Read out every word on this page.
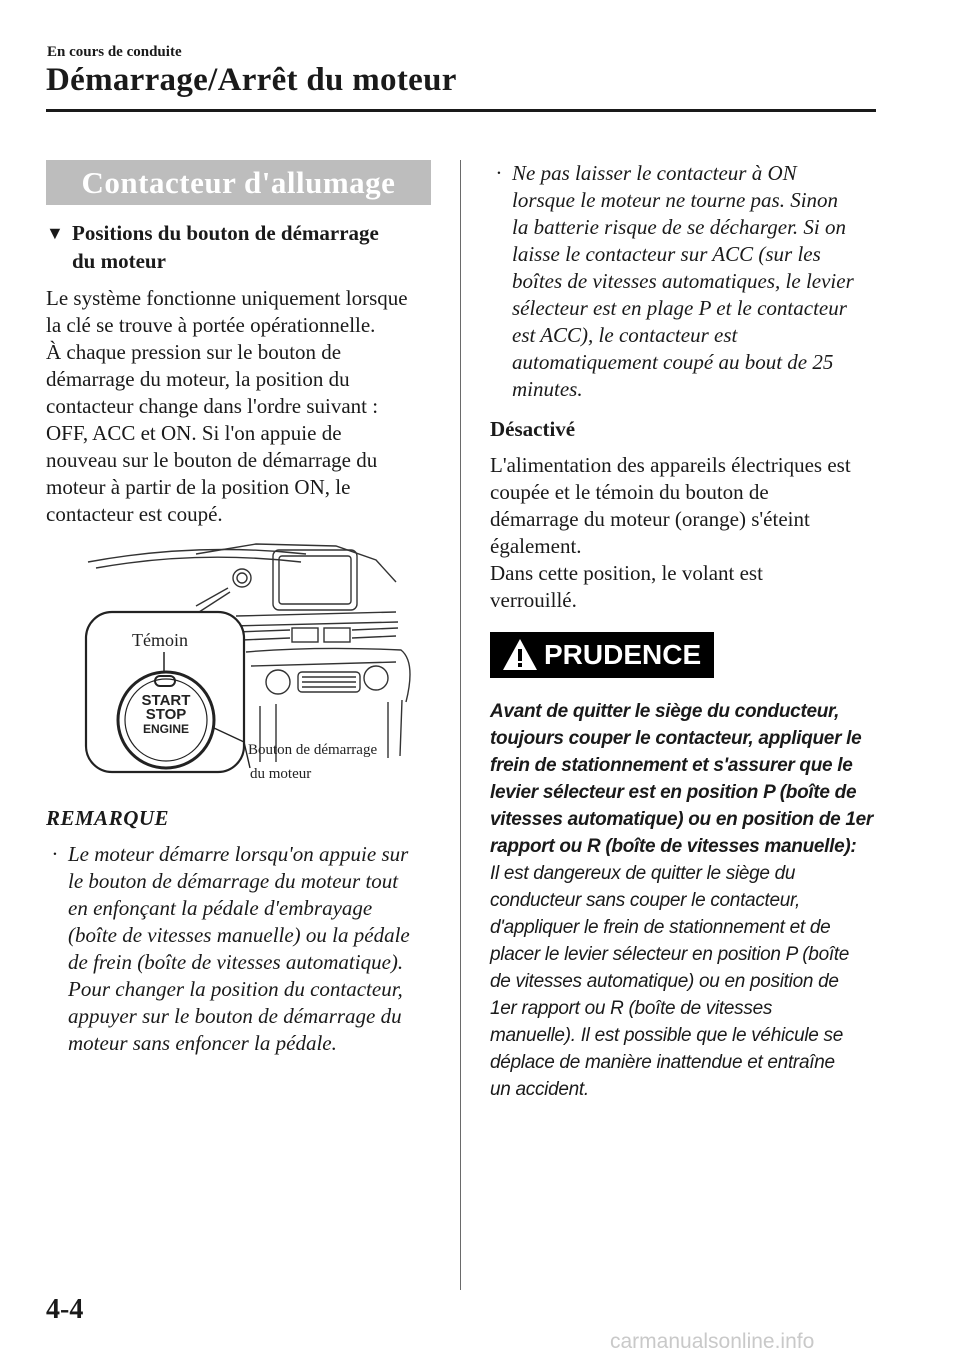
En cours de conduite
Démarrage/Arrêt du moteur
Contacteur d'allumage
▼ Positions du bouton de démarrage
du moteur
Le système fonctionne uniquement lorsque
la clé se trouve à portée opérationnelle.
À chaque pression sur le bouton de
démarrage du moteur, la position du
contacteur change dans l'ordre suivant :
OFF, ACC et ON. Si l'on appuie de
nouveau sur le bouton de démarrage du
moteur à partir de la position ON, le
contacteur est coupé.
Témoin
START
STOP
ENGINE
Bouton de démarrage
du moteur
REMARQUE
· Le moteur démarre lorsqu'on appuie sur
le bouton de démarrage du moteur tout
en enfonçant la pédale d'embrayage
(boîte de vitesses manuelle) ou la pédale
de frein (boîte de vitesses automatique).
Pour changer la position du contacteur,
appuyer sur le bouton de démarrage du
moteur sans enfoncer la pédale.
· Ne pas laisser le contacteur à ON
lorsque le moteur ne tourne pas. Sinon
la batterie risque de se décharger. Si on
laisse le contacteur sur ACC (sur les
boîtes de vitesses automatiques, le levier
sélecteur est en plage P et le contacteur
est ACC), le contacteur est
automatiquement coupé au bout de 25
minutes.
Désactivé
L'alimentation des appareils électriques est
coupée et le témoin du bouton de
démarrage du moteur (orange) s'éteint
également.
Dans cette position, le volant est
verrouillé.
PRUDENCE
Avant de quitter le siège du conducteur,
toujours couper le contacteur, appliquer le
frein de stationnement et s'assurer que le
levier sélecteur est en position P (boîte de
vitesses automatique) ou en position de 1er
rapport ou R (boîte de vitesses manuelle):
Il est dangereux de quitter le siège du
conducteur sans couper le contacteur,
d'appliquer le frein de stationnement et de
placer le levier sélecteur en position P (boîte
de vitesses automatique) ou en position de
1er rapport ou R (boîte de vitesses
manuelle). Il est possible que le véhicule se
déplace de manière inattendue et entraîne
un accident.
4-4
carmanualsonline.info
